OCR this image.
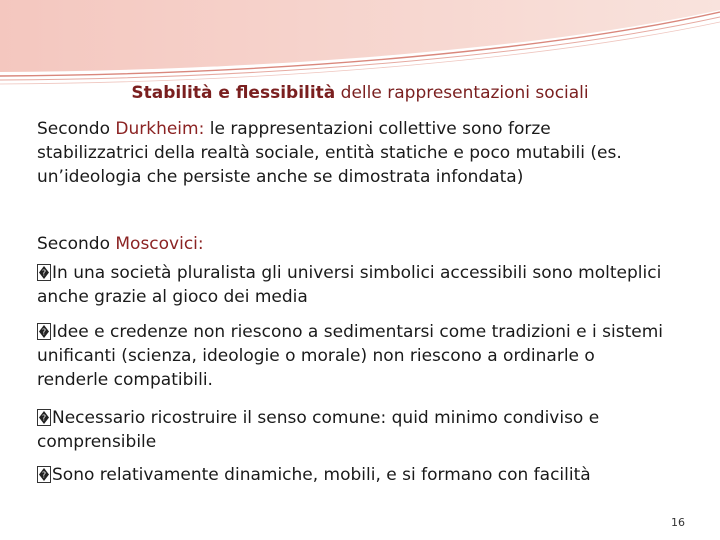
Stabilità e flessibilità delle rappresentazioni sociali
Secondo Durkheim: le rappresentazioni collettive sono forze
stabilizzatrici della realtà sociale, entità statiche e poco mutabili (es.
un’ideologia che persiste anche se dimostrata infondata)
Secondo Moscovici:
? In una società pluralista gli universi simbolici accessibili sono molteplici
anche grazie al gioco dei media
? Idee e credenze non riescono a sedimentarsi come tradizioni e i sistemi
unificanti (scienza, ideologie o morale) non riescono a ordinarle o
renderle compatibili.
? Necessario ricostruire il senso comune: quid minimo condiviso e
comprensibile
? Sono relativamente dinamiche, mobili, e si formano con facilità
16
